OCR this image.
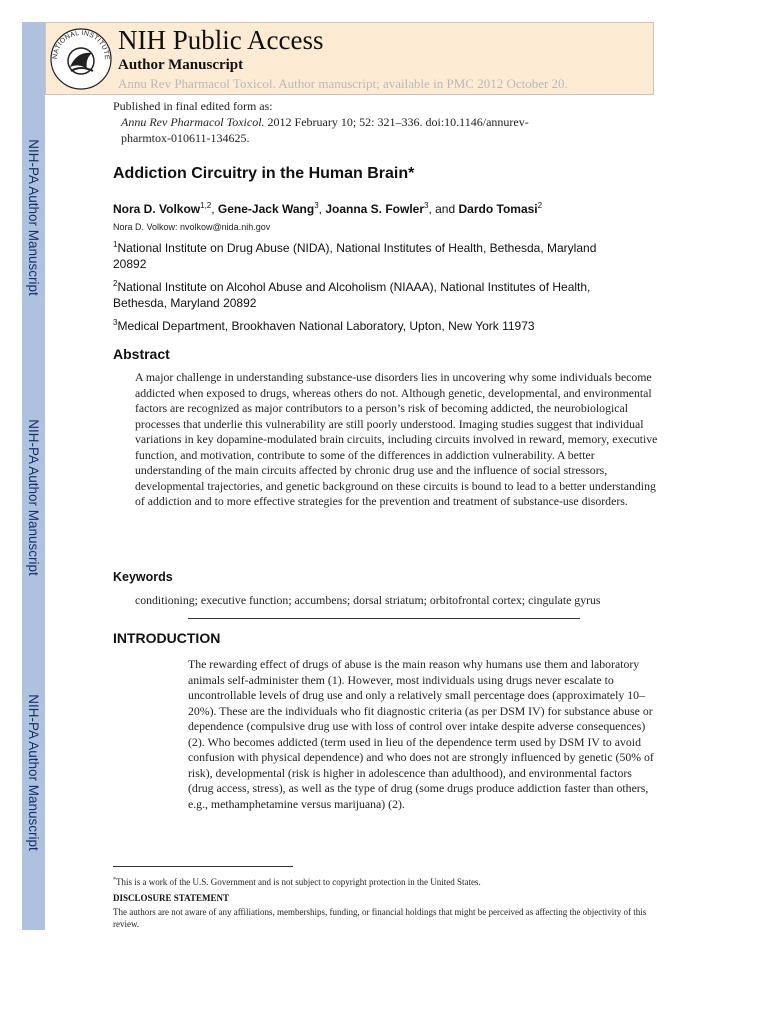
NIH-PA Author Manuscript
NIH-PA Author Manuscript
NIH-PA Author Manuscript
NATIONAL INSTITUTE
NIH Public Access
Author Manuscript
Annu Rev Pharmacol Toxicol. Author manuscript; available in PMC 2012 October 20.
Published in final edited form as:
Annu Rev Pharmacol Toxicol. 2012 February 10; 52: 321–336. doi:10.1146/annurev-
pharmtox-010611-134625.
Addiction Circuitry in the Human Brain*
Nora D. Volkow$^{1,2}$, Gene-Jack Wang$^3$, Joanna S. Fowler$^3$, and Dardo Tomasi$^2$
Nora D. Volkow: nvolkow@nida.nih.gov
$^1$National Institute on Drug Abuse (NIDA), National Institutes of Health, Bethesda, Maryland 20892
$^2$National Institute on Alcohol Abuse and Alcoholism (NIAAA), National Institutes of Health, Bethesda, Maryland 20892
$^3$Medical Department, Brookhaven National Laboratory, Upton, New York 11973
Abstract
A major challenge in understanding substance-use disorders lies in uncovering why some individuals become addicted when exposed to drugs, whereas others do not. Although genetic, developmental, and environmental factors are recognized as major contributors to a person’s risk of becoming addicted, the neurobiological processes that underlie this vulnerability are still poorly understood. Imaging studies suggest that individual variations in key dopamine-modulated brain circuits, including circuits involved in reward, memory, executive function, and motivation, contribute to some of the differences in addiction vulnerability. A better understanding of the main circuits affected by chronic drug use and the influence of social stressors, developmental trajectories, and genetic background on these circuits is bound to lead to a better understanding of addiction and to more effective strategies for the prevention and treatment of substance-use disorders.
Keywords
conditioning; executive function; accumbens; dorsal striatum; orbitofrontal cortex; cingulate gyrus
INTRODUCTION
The rewarding effect of drugs of abuse is the main reason why humans use them and laboratory animals self-administer them (1). However, most individuals using drugs never escalate to uncontrollable levels of drug use and only a relatively small percentage does (approximately 10–20%). These are the individuals who fit diagnostic criteria (as per DSM IV) for substance abuse or dependence (compulsive drug use with loss of control over intake despite adverse consequences) (2). Who becomes addicted (term used in lieu of the dependence term used by DSM IV to avoid confusion with physical dependence) and who does not are strongly influenced by genetic (50% of risk), developmental (risk is higher in adolescence than adulthood), and environmental factors (drug access, stress), as well as the type of drug (some drugs produce addiction faster than others, e.g., methamphetamine versus marijuana) (2).
*This is a work of the U.S. Government and is not subject to copyright protection in the United States.
DISCLOSURE STATEMENT
The authors are not aware of any affiliations, memberships, funding, or financial holdings that might be perceived as affecting the objectivity of this review.
